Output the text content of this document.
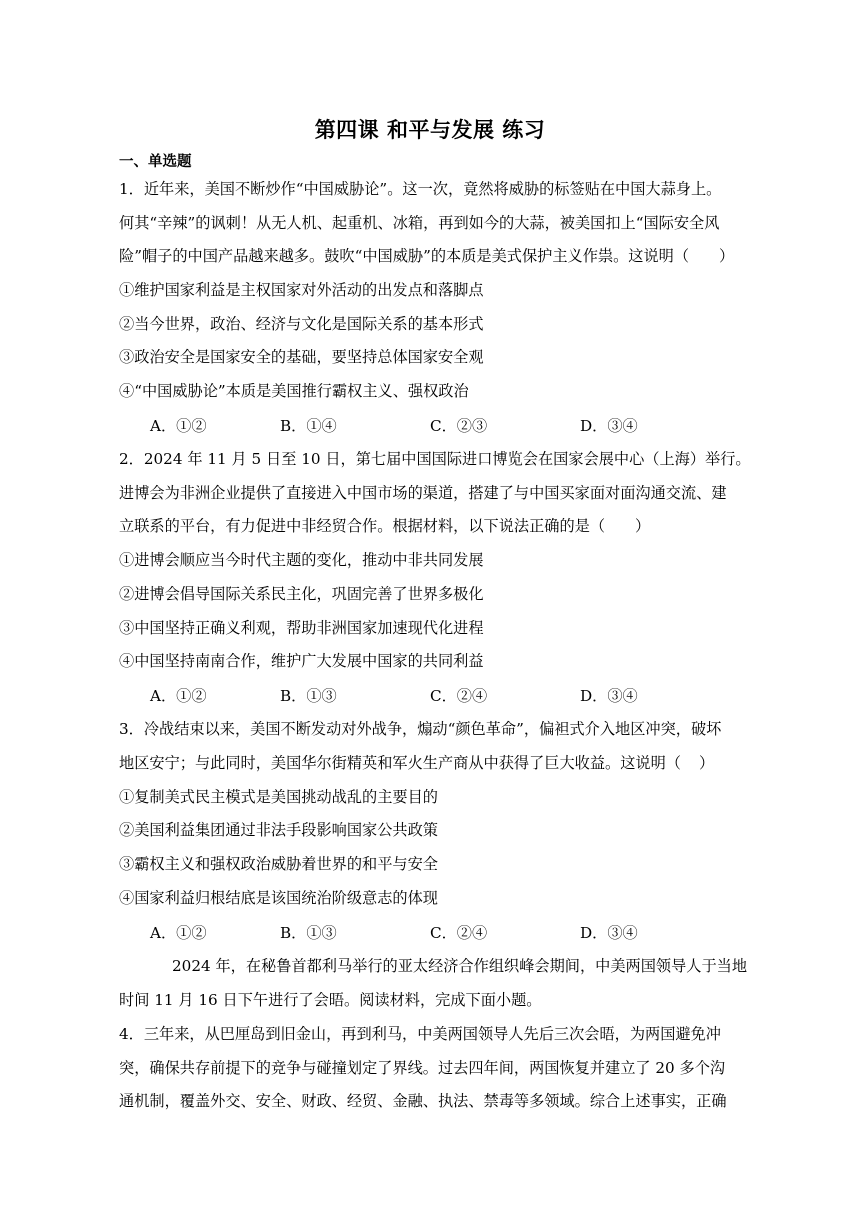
第四课 和平与发展 练习
一、单选题
1．近年来，美国不断炒作“中国威胁论”。这一次，竟然将威胁的标签贴在中国大蒜身上。
何其“辛辣”的讽刺！从无人机、起重机、冰箱，再到如今的大蒜，被美国扣上“国际安全风
险”帽子的中国产品越来越多。鼓吹“中国威胁”的本质是美式保护主义作祟。这说明（ ）
①维护国家利益是主权国家对外活动的出发点和落脚点
②当今世界，政治、经济与文化是国际关系的基本形式
③政治安全是国家安全的基础，要坚持总体国家安全观
④“中国威胁论”本质是美国推行霸权主义、强权政治
A．①②	B．①④	C．②③	D．③④
2．2024 年 11 月 5 日至 10 日，第七届中国国际进口博览会在国家会展中心（上海）举行。
进博会为非洲企业提供了直接进入中国市场的渠道，搭建了与中国买家面对面沟通交流、建
立联系的平台，有力促进中非经贸合作。根据材料，以下说法正确的是（ ）
①进博会顺应当今时代主题的变化，推动中非共同发展
②进博会倡导国际关系民主化，巩固完善了世界多极化
③中国坚持正确义利观，帮助非洲国家加速现代化进程
④中国坚持南南合作，维护广大发展中国家的共同利益
A．①②	B．①③	C．②④	D．③④
3．冷战结束以来，美国不断发动对外战争，煽动“颜色革命”，偏袒式介入地区冲突，破坏
地区安宁；与此同时，美国华尔街精英和军火生产商从中获得了巨大收益。这说明（ ）
①复制美式民主模式是美国挑动战乱的主要目的
②美国利益集团通过非法手段影响国家公共政策
③霸权主义和强权政治威胁着世界的和平与安全
④国家利益归根结底是该国统治阶级意志的体现
A．①②	B．①③	C．②④	D．③④
2024 年，在秘鲁首都利马举行的亚太经济合作组织峰会期间，中美两国领导人于当地
时间 11 月 16 日下午进行了会晤。阅读材料，完成下面小题。
4．三年来，从巴厘岛到旧金山，再到利马，中美两国领导人先后三次会晤，为两国避免冲
突，确保共存前提下的竞争与碰撞划定了界线。过去四年间，两国恢复并建立了 20 多个沟
通机制，覆盖外交、安全、财政、经贸、金融、执法、禁毒等多领域。综合上述事实，正确
